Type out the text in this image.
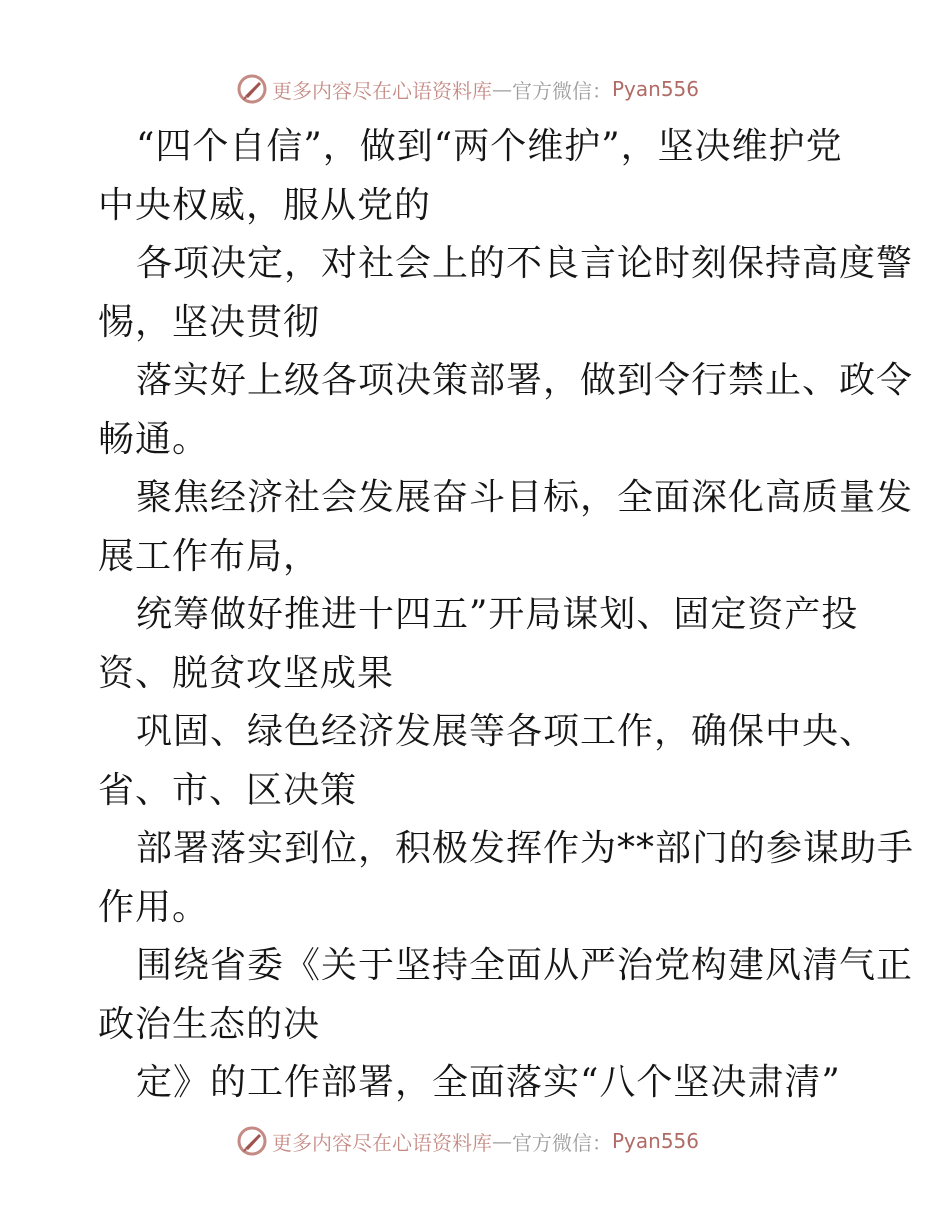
更多内容尽在心语资料库 — 官方微信： Pyan556
“四个自信”，做到“两个维护”，坚决维护党
中央权威，服从党的
各项决定，对社会上的不良言论时刻保持高度警
惕，坚决贯彻
落实好上级各项决策部署，做到令行禁止、政令
畅通。
聚焦经济社会发展奋斗目标，全面深化高质量发
展工作布局，
统筹做好推进十四五”开局谋划、固定资产投
资、脱贫攻坚成果
巩固、绿色经济发展等各项工作，确保中央、
省、市、区决策
部署落实到位，积极发挥作为**部门的参谋助手
作用。
围绕省委《关于坚持全面从严治党构建风清气正
政治生态的决
定》的工作部署，全面落实“八个坚决肃清”
更多内容尽在心语资料库 — 官方微信： Pyan556
